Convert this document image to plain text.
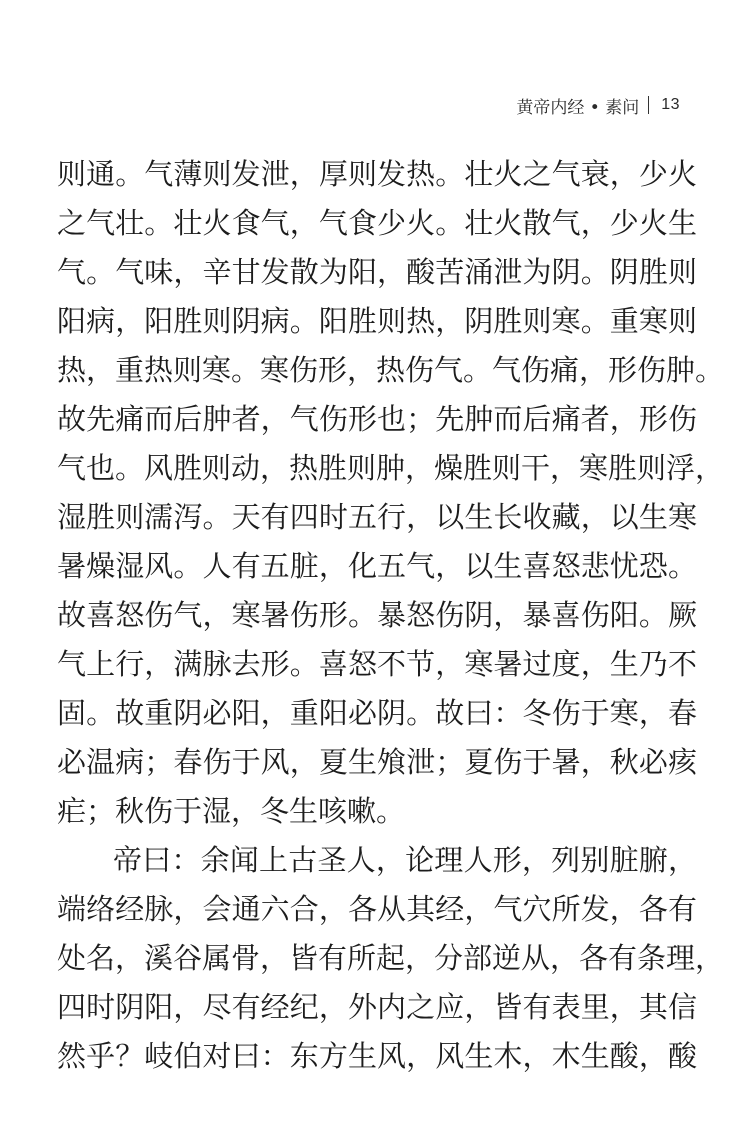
黄帝内经 • 素问 13
则通。气薄则发泄，厚则发热。壮火之气衰，少火
之气壮。壮火食气，气食少火。壮火散气，少火生
气。气味，辛甘发散为阳，酸苦涌泄为阴。阴胜则
阳病，阳胜则阴病。阳胜则热，阴胜则寒。重寒则
热，重热则寒。寒伤形，热伤气。气伤痛，形伤肿。
故先痛而后肿者，气伤形也；先肿而后痛者，形伤
气也。风胜则动，热胜则肿，燥胜则干，寒胜则浮，
湿胜则濡泻。天有四时五行，以生长收藏，以生寒
暑燥湿风。人有五脏，化五气，以生喜怒悲忧恐。
故喜怒伤气，寒暑伤形。暴怒伤阴，暴喜伤阳。厥
气上行，满脉去形。喜怒不节，寒暑过度，生乃不
固。故重阴必阳，重阳必阴。故曰：冬伤于寒，春
必温病；春伤于风，夏生飧泄；夏伤于暑，秋必痎
疟；秋伤于湿，冬生咳嗽。
帝曰：余闻上古圣人，论理人形，列别脏腑，
端络经脉，会通六合，各从其经，气穴所发，各有
处名，溪谷属骨，皆有所起，分部逆从，各有条理，
四时阴阳，尽有经纪，外内之应，皆有表里，其信
然乎？岐伯对曰：东方生风，风生木，木生酸，酸
